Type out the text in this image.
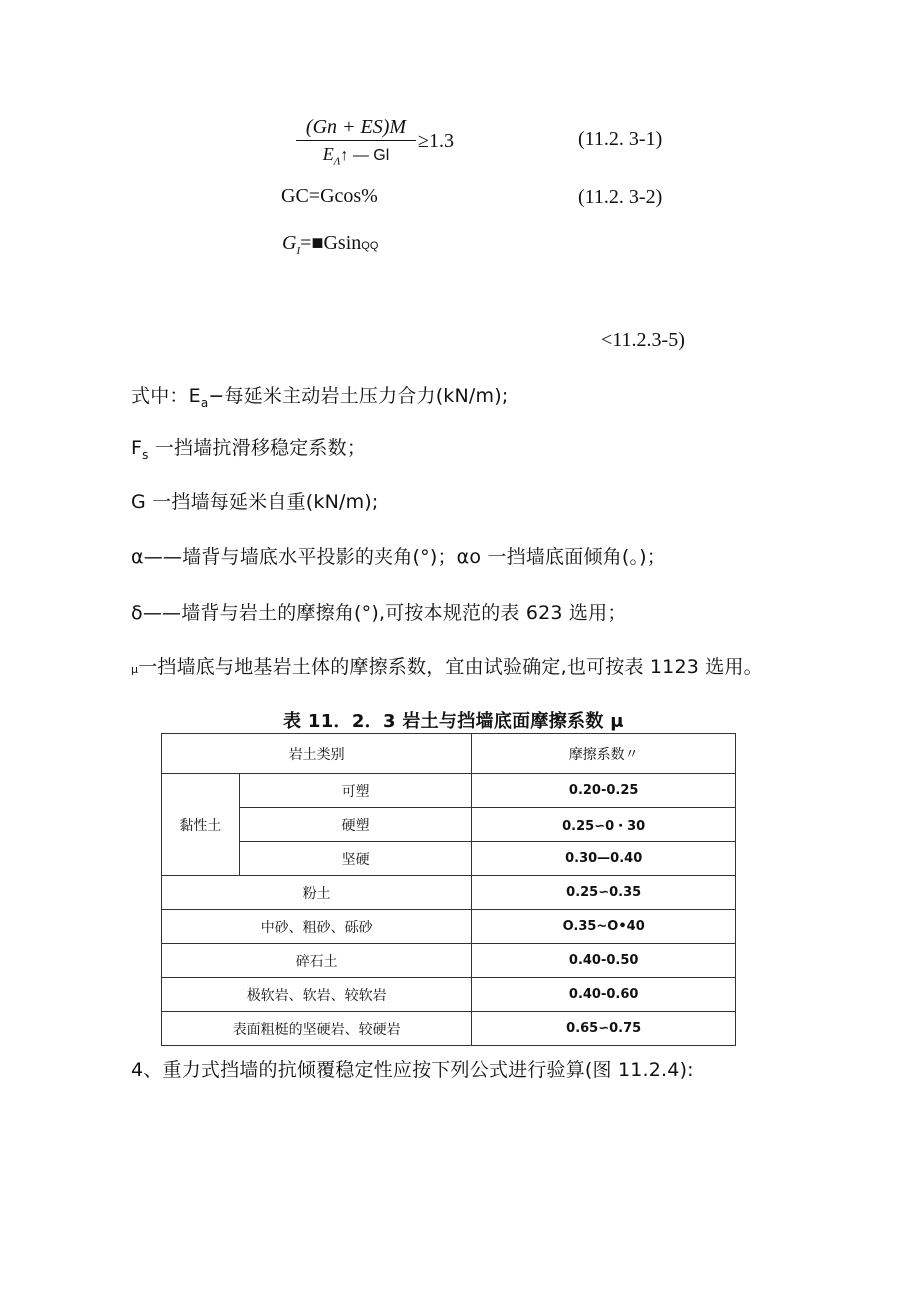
$\frac{(Gn + ES)M}{E_\Lambda↑ — Gl} \ge 1.3$	(11.2. 3-1)
GC=Gcos%	(11.2. 3-2)
$G_I=■GsinQQ$
<11.2.3-5)
式中：$E_a-$每延米主动岩土压力合力(kN∕m);
$F_s$ 一挡墙抗滑移稳定系数；
G 一挡墙每延米自重(kN∕m);
α——墙背与墙底水平投影的夹角(°)；αo 一挡墙底面倾角(。)；
δ——墙背与岩土的摩擦角(°),可按本规范的表 623 选用；
μ一挡墙底与地基岩土体的摩擦系数，宜由试验确定,也可按表 1123 选用。
表 11．2．3 岩土与挡墙底面摩擦系数 μ
岩土类别		摩擦系数〃
黏性土	可塑	0.20-0.25
	硬塑	0.25∽0・30
	坚硬	0.30—0.40
粉土		0.25∽0.35
中砂、粗砂、砾砂		O.35~O•40
碎石土		0.40-0.50
极软岩、软岩、较软岩		0.40-0.60
表面粗梃的坚硬岩、较硬岩		0.65∽0.75
4、重力式挡墙的抗倾覆稳定性应按下列公式进行验算(图 11.2.4):
